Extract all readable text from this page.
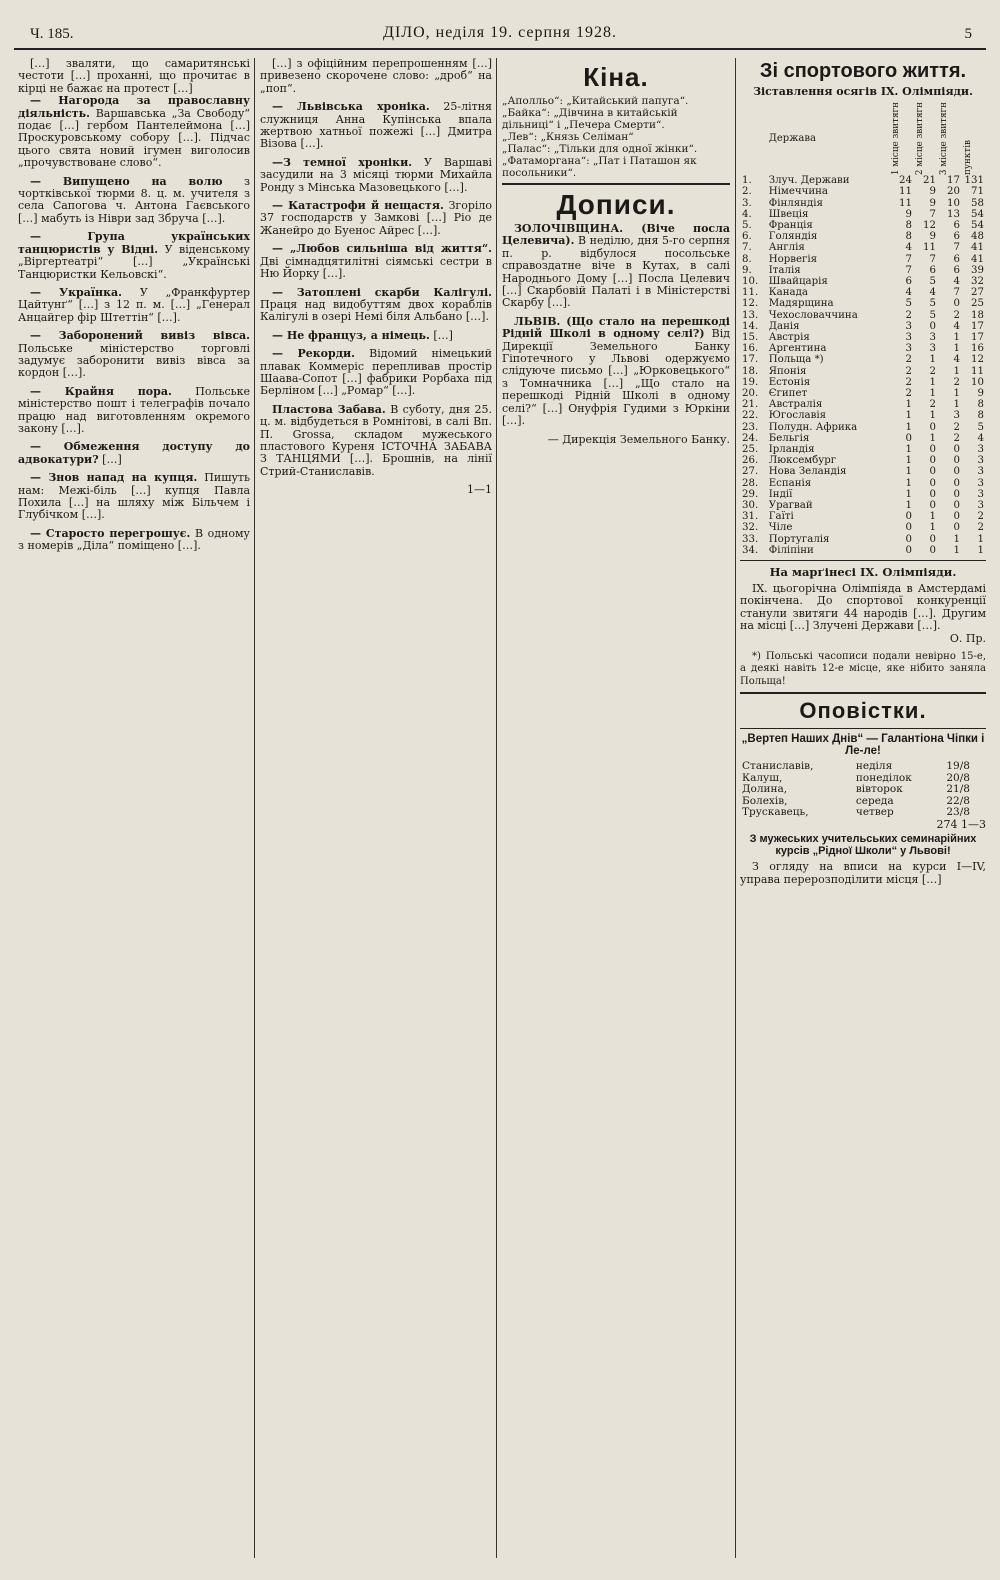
Ч. 185.	ДІЛО, неділя 19. серпня 1928.	5

[…] зваляти, що самаритянські честоти […] проханні, що прочитає в кірці не бажає на протест […]

— Нагорода за православну діяльність. Варшавська „За Свободу“ подає […] гербом Пантелеймона […] Проскуровському собору […]. Підчас цього свята новий ігумен виголосив „прочувствоване слово“.

— Випущено на волю з чортківської тюрми 8. ц. м. учителя з села Сапогова ч. Антона Гаєвського […] мабуть із Ніври зад Збруча […].

— Група українських танцюристів у Відні. У віденському „Віргертеатрі“ […] „Українські Танцюристки Кельовскі“.

— Українка. У „Франкфуртер Цайтунґ“ […] з 12 п. м. […] „Генерал Анцайгер фір Штеттін“ […].

— Заборонений вивіз вівса. Польське міністерство торговлі задумує заборонити вивіз вівса за кордон […].

— Крайня пора. Польське міністерство пошт і телеграфів почало працю над виготовленням окремого закону […].

— Обмеження доступу до адвокатури? […]

— Знов напад на купця. Пишуть нам: Межі-біль […] купця Павла Похила […] на шляху між Більчем і Глубічком […].

— Старосто перегрошує. В одному з номерів „Діла“ поміщено […].

[…] з офіційним перепрошенням […] привезено скорочене слово: „дроб“ на „поп“.

— Львівська хроніка. 25-літня служниця Анна Купінська впала жертвою хатньої пожежі […] Дмитра Візова […].

—З темної хроніки. У Варшаві засудили на 3 місяці тюрми Михайла Ронду з Мінська Мазовецького […].

— Катастрофи й нещастя. Згоріло 37 господарств у Замкові […] Ріо де Жанейро до Буенос Айрес […].

— „Любов сильніша від життя“. Дві сімнадцятилітні сіямські сестри в Ню Йорку […].

— Затоплені скарби Калігулі. Праця над видобуттям двох кораблів Калігулі в озері Немі біля Альбано […].

— Не француз, а німець. […]

— Рекорди. Відомий німецький плавак Коммеріс перепливав простір Шаава-Сопот […] фабрики Рорбаха під Берліном […] „Ромар“ […].

Пластова Забава. В суботу, дня 25. ц. м. відбудеться в Ромнітові, в салі Вп. П. Grossa, складом мужеського пластового Куреня ІСТОЧНА ЗАБАВА З ТАНЦЯМИ […]. Брошнів, на лінії Стрий-Станиславів.

1—1

Кіна.
„Аполльо“: „Китайський папуга“.
„Байка“: „Дівчина в китайській дільниці“ і „Печера Смерти“.
„Лев“: „Князь Селіман“
„Палас“: „Тільки для одної жінки“.
„Фатаморгана“: „Пат і Паташон як посольники“.
Дописи.

ЗОЛОЧІВЩИНА. (Віче посла Целевича). В неділю, дня 5-го серпня п. р. відбулося посольське справоздатне віче в Кутах, в салі Народнього Дому […] Посла Целевич […] Скарбовій Палаті і в Міністерстві Скарбу […].

ЛЬВІВ. (Що стало на перешкоді Рідній Школі в одному селі?) Від Дирекції Земельного Банку Гіпотечного у Львові одержуємо слідуюче письмо […] „Юрковецького“ з Томначника […] „Що стало на перешкоді Рідній Школі в одному селі?“ […] Онуфрія Гудими з Юркіни […].

— Дирекція Земельного Банку.

Зі спортового життя.
Зіставлення осягів ІХ. Олімпіяди.
	Держава	1 місце звитягн	2 місце звитягн	3 місце звитягн	пунктів

1.	Злуч. Держави	24	21	17	131
2.	Німеччина	11	9	20	71
3.	Фінляндія	11	9	10	58
4.	Швеція	9	7	13	54
5.	Франція	8	12	6	54
6.	Голяндія	8	9	6	48
7.	Англія	4	11	7	41
8.	Норвегія	7	7	6	41
9.	Італія	7	6	6	39
10.	Швайцарія	6	5	4	32
11.	Канада	4	4	7	27
12.	Мадярщина	5	5	0	25
13.	Чехословаччина	2	5	2	18
14.	Данія	3	0	4	17
15.	Австрія	3	3	1	17
16.	Аргентина	3	3	1	16
17.	Польща *)	2	1	4	12
18.	Японія	2	2	1	11
19.	Естонія	2	1	2	10
20.	Єгипет	2	1	1	9
21.	Австралія	1	2	1	8
22.	Югославія	1	1	3	8
23.	Полудн. Африка	1	0	2	5
24.	Бельгія	0	1	2	4
25.	Ірландія	1	0	0	3
26.	Люксембург	1	0	0	3
27.	Нова Зеландія	1	0	0	3
28.	Еспанія	1	0	0	3
29.	Індії	1	0	0	3
30.	Урагвай	1	0	0	3
31.	Гаїті	0	1	0	2
32.	Чіле	0	1	0	2
33.	Португалія	0	0	1	1
34.	Філіпіни	0	0	1	1
На марґінесі ІХ. Олімпіяди.

ІХ. цьогорічна Олімпіяда в Амстердамі покінчена. До спортової конкуренції станули звитяги 44 народів […]. Другим на місці […] Злучені Держави […].

О. Пр.

*) Польські часописи подали невірно 15-е, а деякі навіть 12-е місце, яке нібито заняла Польща!

Оповістки.
„Вертеп Наших Днів“ — Галантіона Чіпки і Ле-ле!
Станиславів,	неділя	19/8
Калуш,	понеділок	20/8
Долина,	вівторок	21/8
Болехів,	середа	22/8
Трускавець,	четвер	23/8

274 1—3

З мужеських учительських семинарійних курсів „Рідної Школи“ у Львові!

З огляду на вписи на курси I—IV, управа перерозподілити місця […]
